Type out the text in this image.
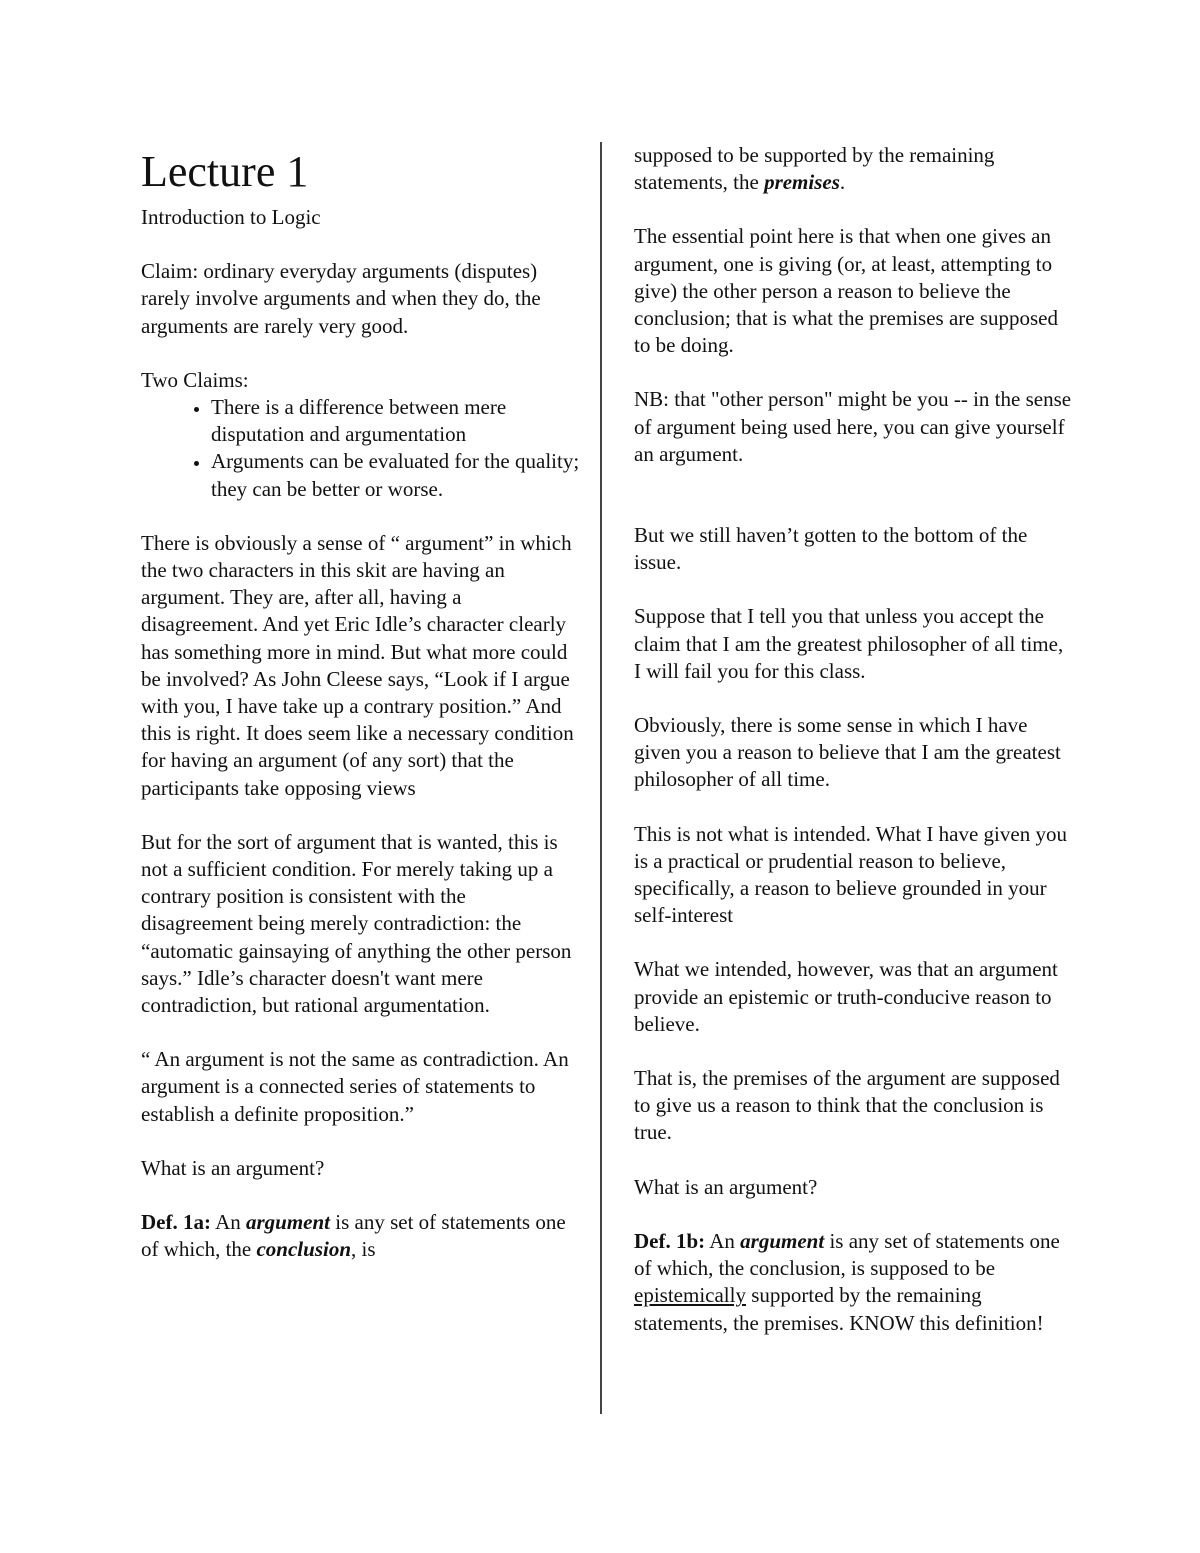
Lecture 1

Introduction to Logic

Claim: ordinary everyday arguments (disputes) rarely involve arguments and when they do, the arguments are rarely very good.

Two Claims:
• There is a difference between mere disputation and argumentation
• Arguments can be evaluated for the quality; they can be better or worse.

There is obviously a sense of “ argument” in which the two characters in this skit are having an argument. They are, after all, having a disagreement. And yet Eric Idle’s character clearly has something more in mind. But what more could be involved? As John Cleese says, “Look if I argue with you, I have take up a contrary position.” And this is right. It does seem like a necessary condition for having an argument (of any sort) that the participants take opposing views

But for the sort of argument that is wanted, this is not a sufficient condition. For merely taking up a contrary position is consistent with the disagreement being merely contradiction: the “automatic gainsaying of anything the other person says.” Idle’s character doesn't want mere contradiction, but rational argumentation.

“ An argument is not the same as contradiction. An argument is a connected series of statements to establish a definite proposition.”

What is an argument?

Def. 1a: An argument is any set of statements one of which, the conclusion, is

supposed to be supported by the remaining statements, the premises.

The essential point here is that when one gives an argument, one is giving (or, at least, attempting to give) the other person a reason to believe the conclusion; that is what the premises are supposed to be doing.

NB: that "other person" might be you -- in the sense of argument being used here, you can give yourself an argument.

But we still haven’t gotten to the bottom of the issue.

Suppose that I tell you that unless you accept the claim that I am the greatest philosopher of all time, I will fail you for this class.

Obviously, there is some sense in which I have given you a reason to believe that I am the greatest philosopher of all time.

This is not what is intended. What I have given you is a practical or prudential reason to believe, specifically, a reason to believe grounded in your self-interest

What we intended, however, was that an argument provide an epistemic or truth-conducive reason to believe.

That is, the premises of the argument are supposed to give us a reason to think that the conclusion is true.

What is an argument?

Def. 1b: An argument is any set of statements one of which, the conclusion, is supposed to be epistemically supported by the remaining statements, the premises. KNOW this definition!
